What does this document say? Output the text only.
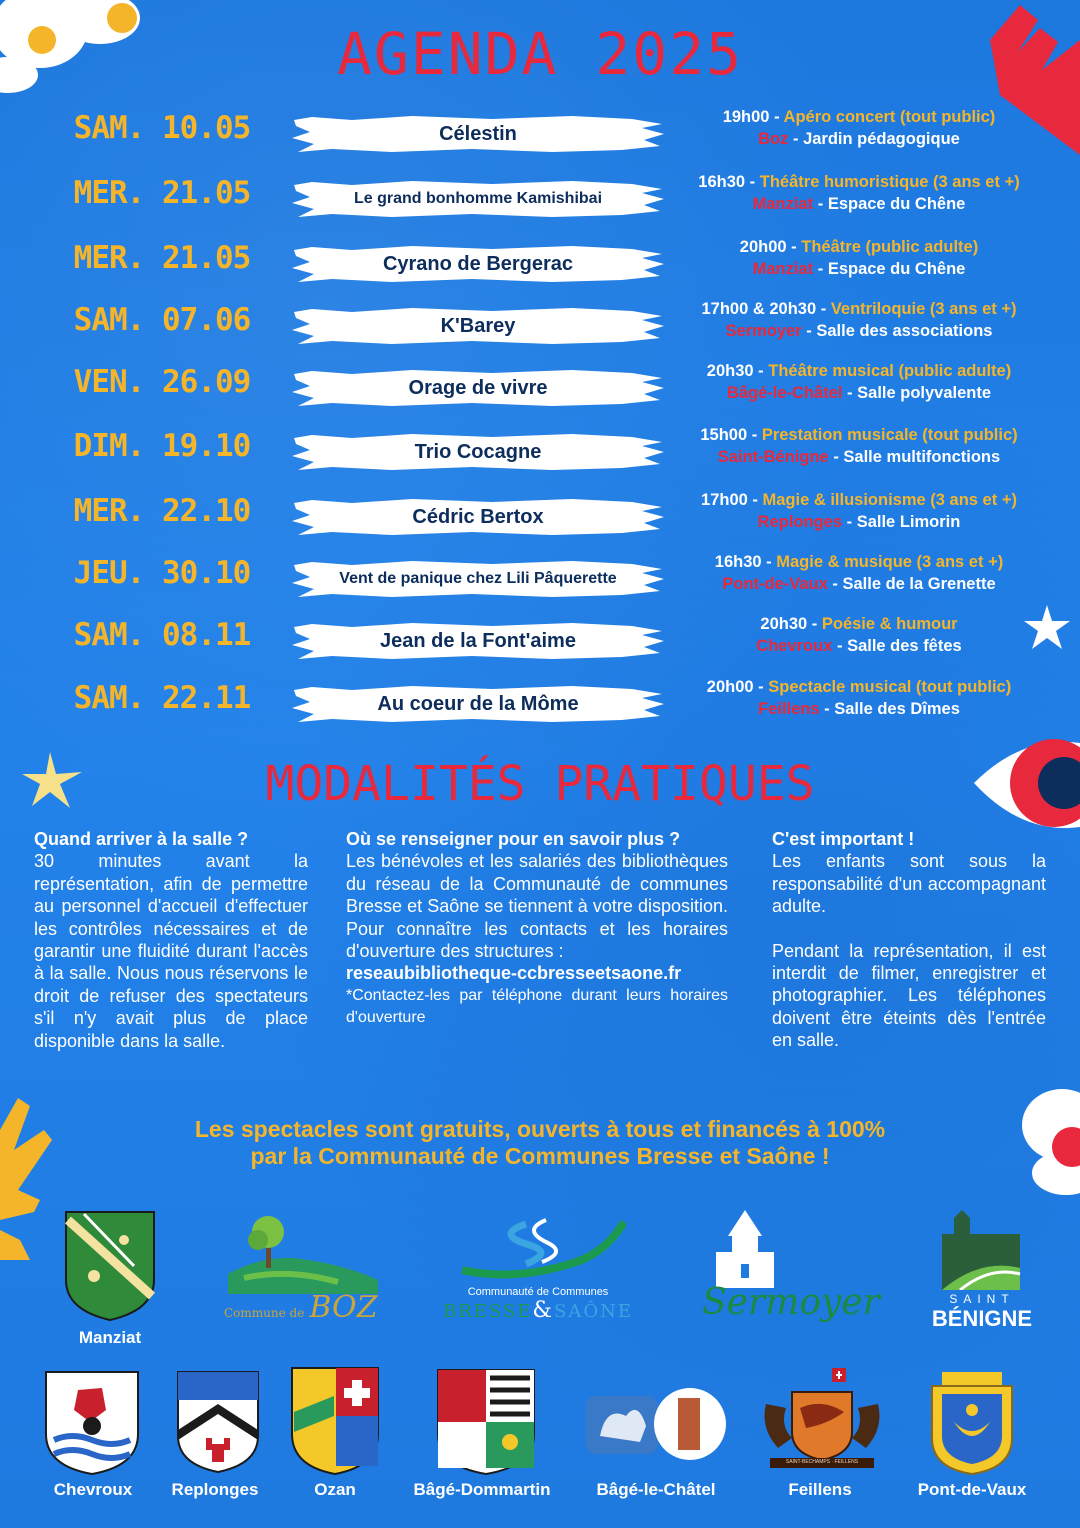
AGENDA 2025
SAM. 10.05	Célestin
19h00 - Apéro concert (tout public)
Boz - Jardin pédagogique
MER. 21.05	Le grand bonhomme Kamishibai
16h30 - Théâtre humoristique (3 ans et +)
Manziat - Espace du Chêne
MER. 21.05	Cyrano de Bergerac
20h00 - Théâtre (public adulte)
Manziat - Espace du Chêne
SAM. 07.06	K'Barey
17h00 & 20h30 - Ventriloquie (3 ans et +)
Sermoyer - Salle des associations
VEN. 26.09	Orage de vivre
20h30 - Théâtre musical (public adulte)
Bâgé-le-Châtel - Salle polyvalente
DIM. 19.10	Trio Cocagne
15h00 - Prestation musicale (tout public)
Saint-Bénigne - Salle multifonctions
MER. 22.10	Cédric Bertox
17h00 - Magie & illusionisme (3 ans et +)
Replonges - Salle Limorin
JEU. 30.10	Vent de panique chez Lili Pâquerette
16h30 - Magie & musique (3 ans et +)
Pont-de-Vaux - Salle de la Grenette
SAM. 08.11	Jean de la Font'aime
20h30 - Poésie & humour
Chevroux - Salle des fêtes
SAM. 22.11	Au coeur de la Môme
20h00 - Spectacle musical (tout public)
Feillens - Salle des Dîmes
MODALITÉS PRATIQUES
Quand arriver à la salle ?

30 minutes avant la représentation, afin de permettre au personnel d'accueil d'effectuer les contrôles nécessaires et de garantir une fluidité durant l'accès à la salle. Nous nous réservons le droit de refuser des spectateurs s'il n'y avait plus de place disponible dans la salle.

Où se renseigner pour en savoir plus ?

Les bénévoles et les salariés des bibliothèques du réseau de la Communauté de communes Bresse et Saône se tiennent à votre disposition. Pour connaître les contacts et les horaires d'ouverture des structures :

reseaubibliotheque-ccbresseetsaone.fr

*Contactez-les par téléphone durant leurs horaires d'ouverture

C'est important !

Les enfants sont sous la responsabilité d'un accompagnant adulte.

Pendant la représentation, il est interdit de filmer, enregistrer et photographier. Les téléphones doivent être éteints dès l'entrée en salle.

Les spectacles sont gratuits, ouverts à tous et financés à 100%
par la Communauté de Communes Bresse et Saône !
Manziat
Commune de BOZ	Communauté de Communes
BRESSE&SAÔNE Sermoyer	SAINT
BÉNIGNE
Chevroux	Replonges	Ozan	Bâgé-Dommartin	Bâgé-le-Châtel
SAINT-BECHAMPS · FEILLENS
Feillens	Pont-de-Vaux
